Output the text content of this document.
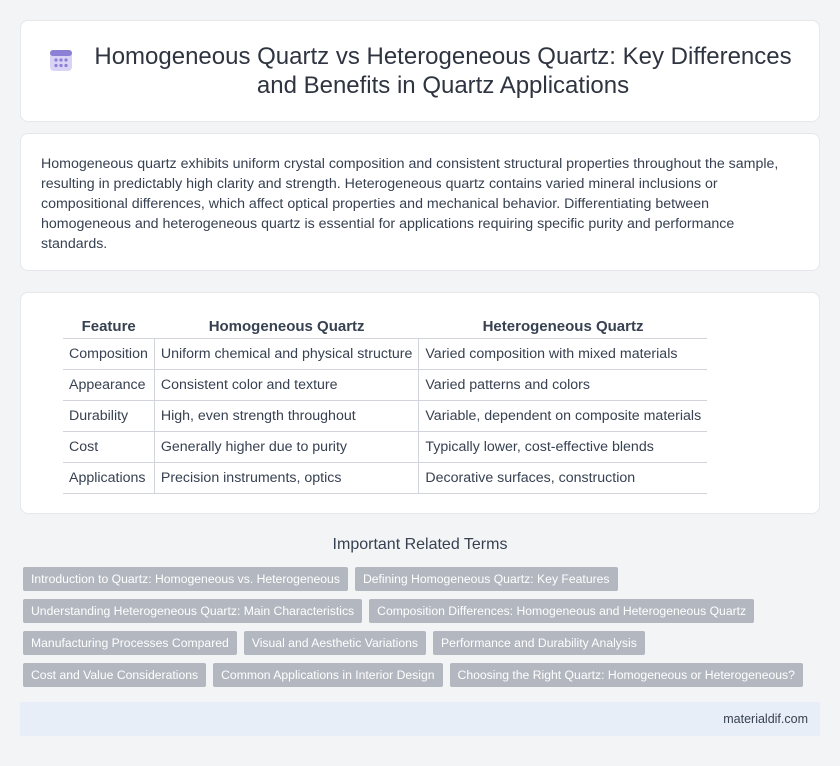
Homogeneous Quartz vs Heterogeneous Quartz: Key Differences and Benefits in Quartz Applications

Homogeneous quartz exhibits uniform crystal composition and consistent structural properties throughout the sample, resulting in predictably high clarity and strength. Heterogeneous quartz contains varied mineral inclusions or compositional differences, which affect optical properties and mechanical behavior. Differentiating between homogeneous and heterogeneous quartz is essential for applications requiring specific purity and performance standards.

Feature	Homogeneous Quartz	Heterogeneous Quartz
Composition	Uniform chemical and physical structure	Varied composition with mixed materials
Appearance	Consistent color and texture	Varied patterns and colors
Durability	High, even strength throughout	Variable, dependent on composite materials
Cost	Generally higher due to purity	Typically lower, cost-effective blends
Applications	Precision instruments, optics	Decorative surfaces, construction
Important Related Terms
Introduction to Quartz: Homogeneous vs. Heterogeneous	Defining Homogeneous Quartz: Key Features
Understanding Heterogeneous Quartz: Main Characteristics	Composition Differences: Homogeneous and Heterogeneous Quartz
Manufacturing Processes Compared	Visual and Aesthetic Variations	Performance and Durability Analysis
Cost and Value Considerations	Common Applications in Interior Design	Choosing the Right Quartz: Homogeneous or Heterogeneous?
materialdif.com
